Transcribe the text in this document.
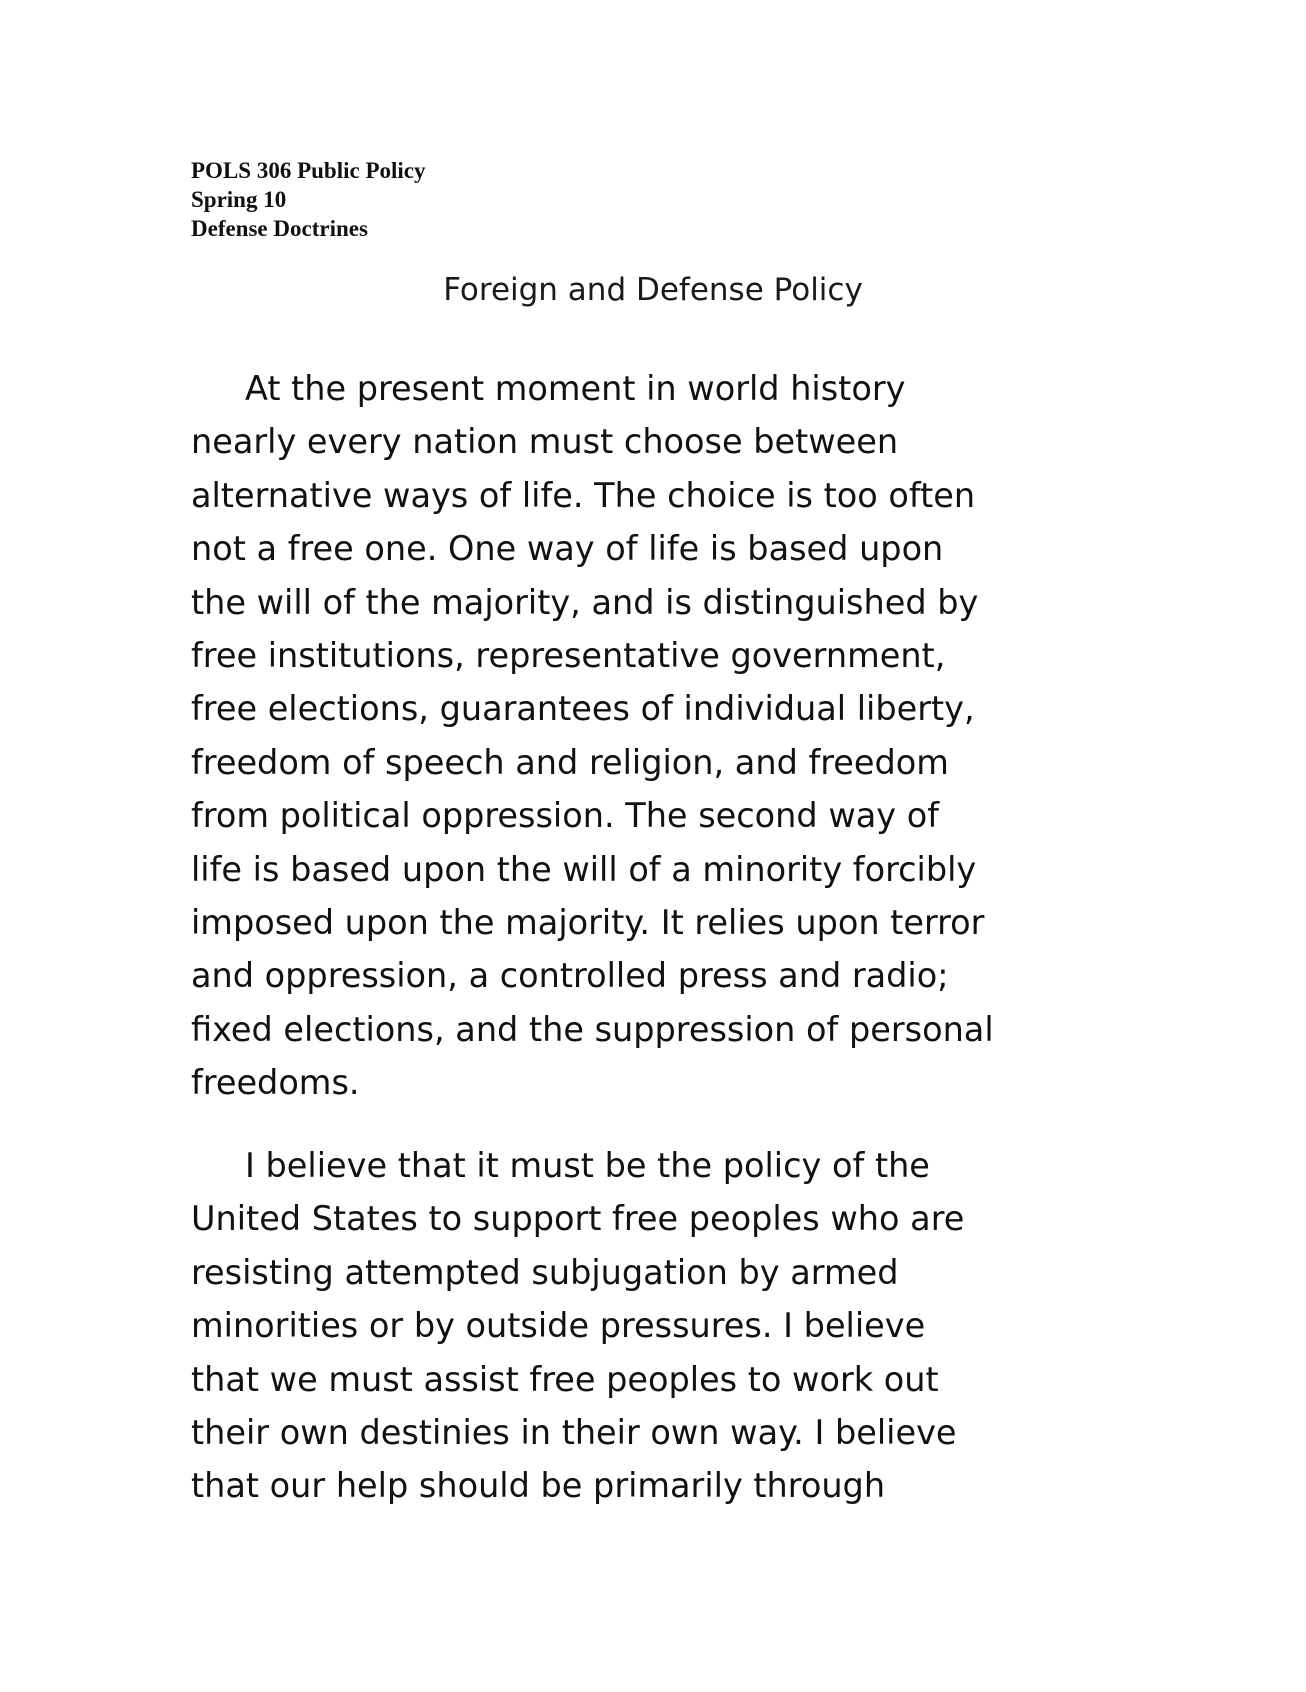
POLS 306 Public Policy
Spring 10
Defense Doctrines
Foreign and Defense Policy
At the present moment in world history
nearly every nation must choose between
alternative ways of life. The choice is too often
not a free one. One way of life is based upon
the will of the majority, and is distinguished by
free institutions, representative government,
free elections, guarantees of individual liberty,
freedom of speech and religion, and freedom
from political oppression. The second way of
life is based upon the will of a minority forcibly
imposed upon the majority. It relies upon terror
and oppression, a controlled press and radio;
fixed elections, and the suppression of personal
freedoms.
I believe that it must be the policy of the
United States to support free peoples who are
resisting attempted subjugation by armed
minorities or by outside pressures. I believe
that we must assist free peoples to work out
their own destinies in their own way. I believe
that our help should be primarily through
